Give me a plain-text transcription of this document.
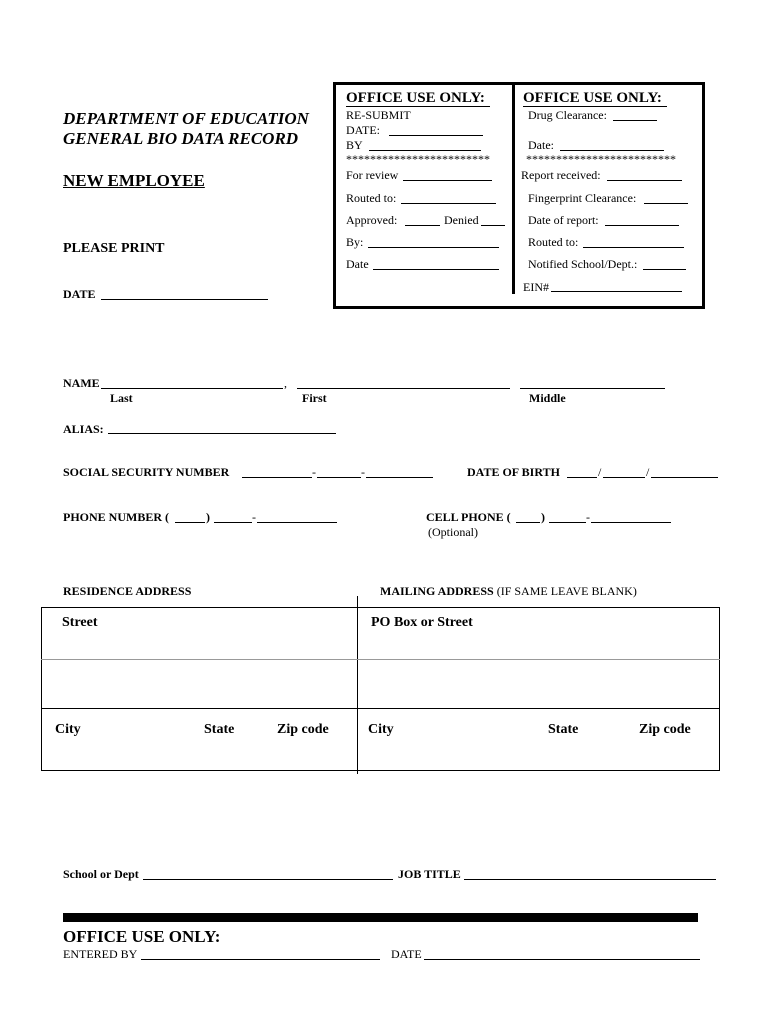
DEPARTMENT OF EDUCATION
GENERAL BIO DATA RECORD
NEW EMPLOYEE
PLEASE PRINT
DATE
OFFICE USE ONLY:
RE-SUBMIT
DATE:
BY
************************
For review
Routed to:
Approved:	Denied
By:
Date
OFFICE USE ONLY:
Drug Clearance:
Date:
*************************
Report received:
Fingerprint Clearance:
Date of report:
Routed to:
Notified School/Dept.:
EIN#
NAME	,
Last	First	Middle
ALIAS:
SOCIAL SECURITY NUMBER	-	-	DATE OF BIRTH	/	/
PHONE NUMBER (	)	-	CELL PHONE (	)	-
(Optional)
RESIDENCE ADDRESS	MAILING ADDRESS (IF SAME LEAVE BLANK)
Street	PO Box or Street
City	State	Zip code	City	State	Zip code
School or Dept	JOB TITLE
OFFICE USE ONLY:
ENTERED BY	DATE
